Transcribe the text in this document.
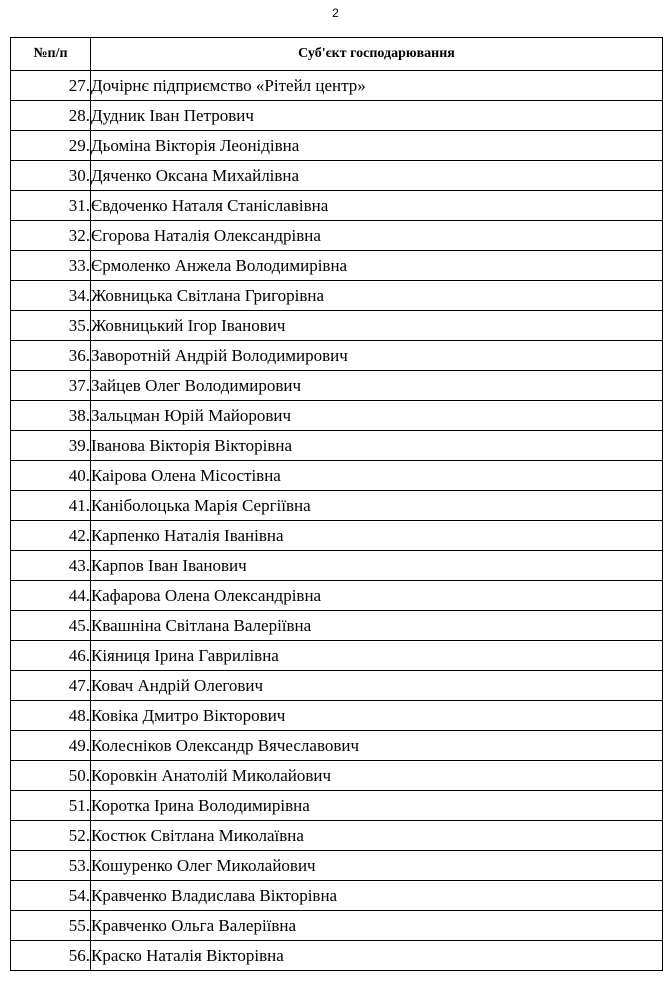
2
№п/п	Суб'єкт господарювання
27.	Дочірнє підприємство «Рітейл центр»
28.	Дудник Іван Петрович
29.	Дьоміна Вікторія Леонідівна
30.	Дяченко Оксана Михайлівна
31.	Євдоченко Наталя Станіславівна
32.	Єгорова Наталія Олександрівна
33.	Єрмоленко Анжела Володимирівна
34.	Жовницька Світлана Григорівна
35.	Жовницький Ігор Іванович
36.	Заворотній Андрій Володимирович
37.	Зайцев Олег Володимирович
38.	Зальцман Юрій Майорович
39.	Іванова Вікторія Вікторівна
40.	Каірова Олена Місостівна
41.	Каніболоцька Марія Сергіївна
42.	Карпенко Наталія Іванівна
43.	Карпов Іван Іванович
44.	Кафарова Олена Олександрівна
45.	Квашніна Світлана Валеріївна
46.	Кіяниця Ірина Гаврилівна
47.	Ковач Андрій Олегович
48.	Ковіка Дмитро Вікторович
49.	Колесніков Олександр Вячеславович
50.	Коровкін Анатолій Миколайович
51.	Коротка Ірина Володимирівна
52.	Костюк Світлана Миколаївна
53.	Кошуренко Олег Миколайович
54.	Кравченко Владислава Вікторівна
55.	Кравченко Ольга Валеріївна
56.	Краско Наталія Вікторівна
